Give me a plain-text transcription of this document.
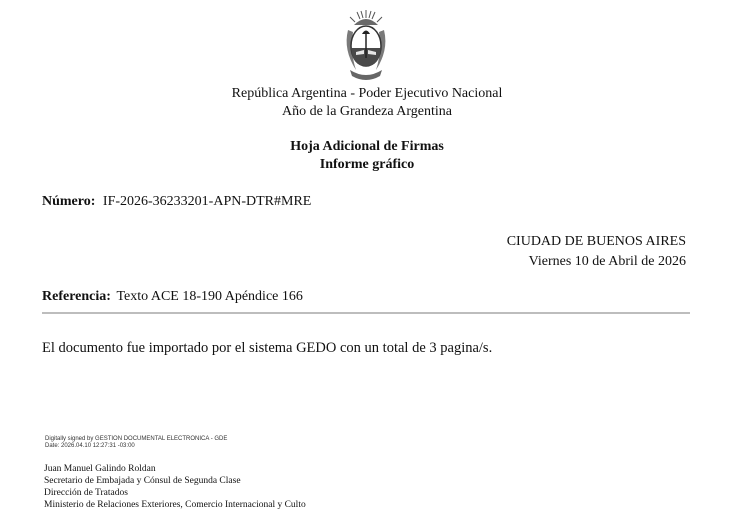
República Argentina - Poder Ejecutivo Nacional
Año de la Grandeza Argentina
Hoja Adicional de Firmas
Informe gráfico
Número: IF-2026-36233201-APN-DTR#MRE
CIUDAD DE BUENOS AIRES
Viernes 10 de Abril de 2026
Referencia: Texto ACE 18-190 Apéndice 166
El documento fue importado por el sistema GEDO con un total de 3 pagina/s.
Digitally signed by GESTION DOCUMENTAL ELECTRONICA - GDE
Date: 2026.04.10 12:27:31 -03:00
Juan Manuel Galindo Roldan
Secretario de Embajada y Cónsul de Segunda Clase
Dirección de Tratados
Ministerio de Relaciones Exteriores, Comercio Internacional y Culto
